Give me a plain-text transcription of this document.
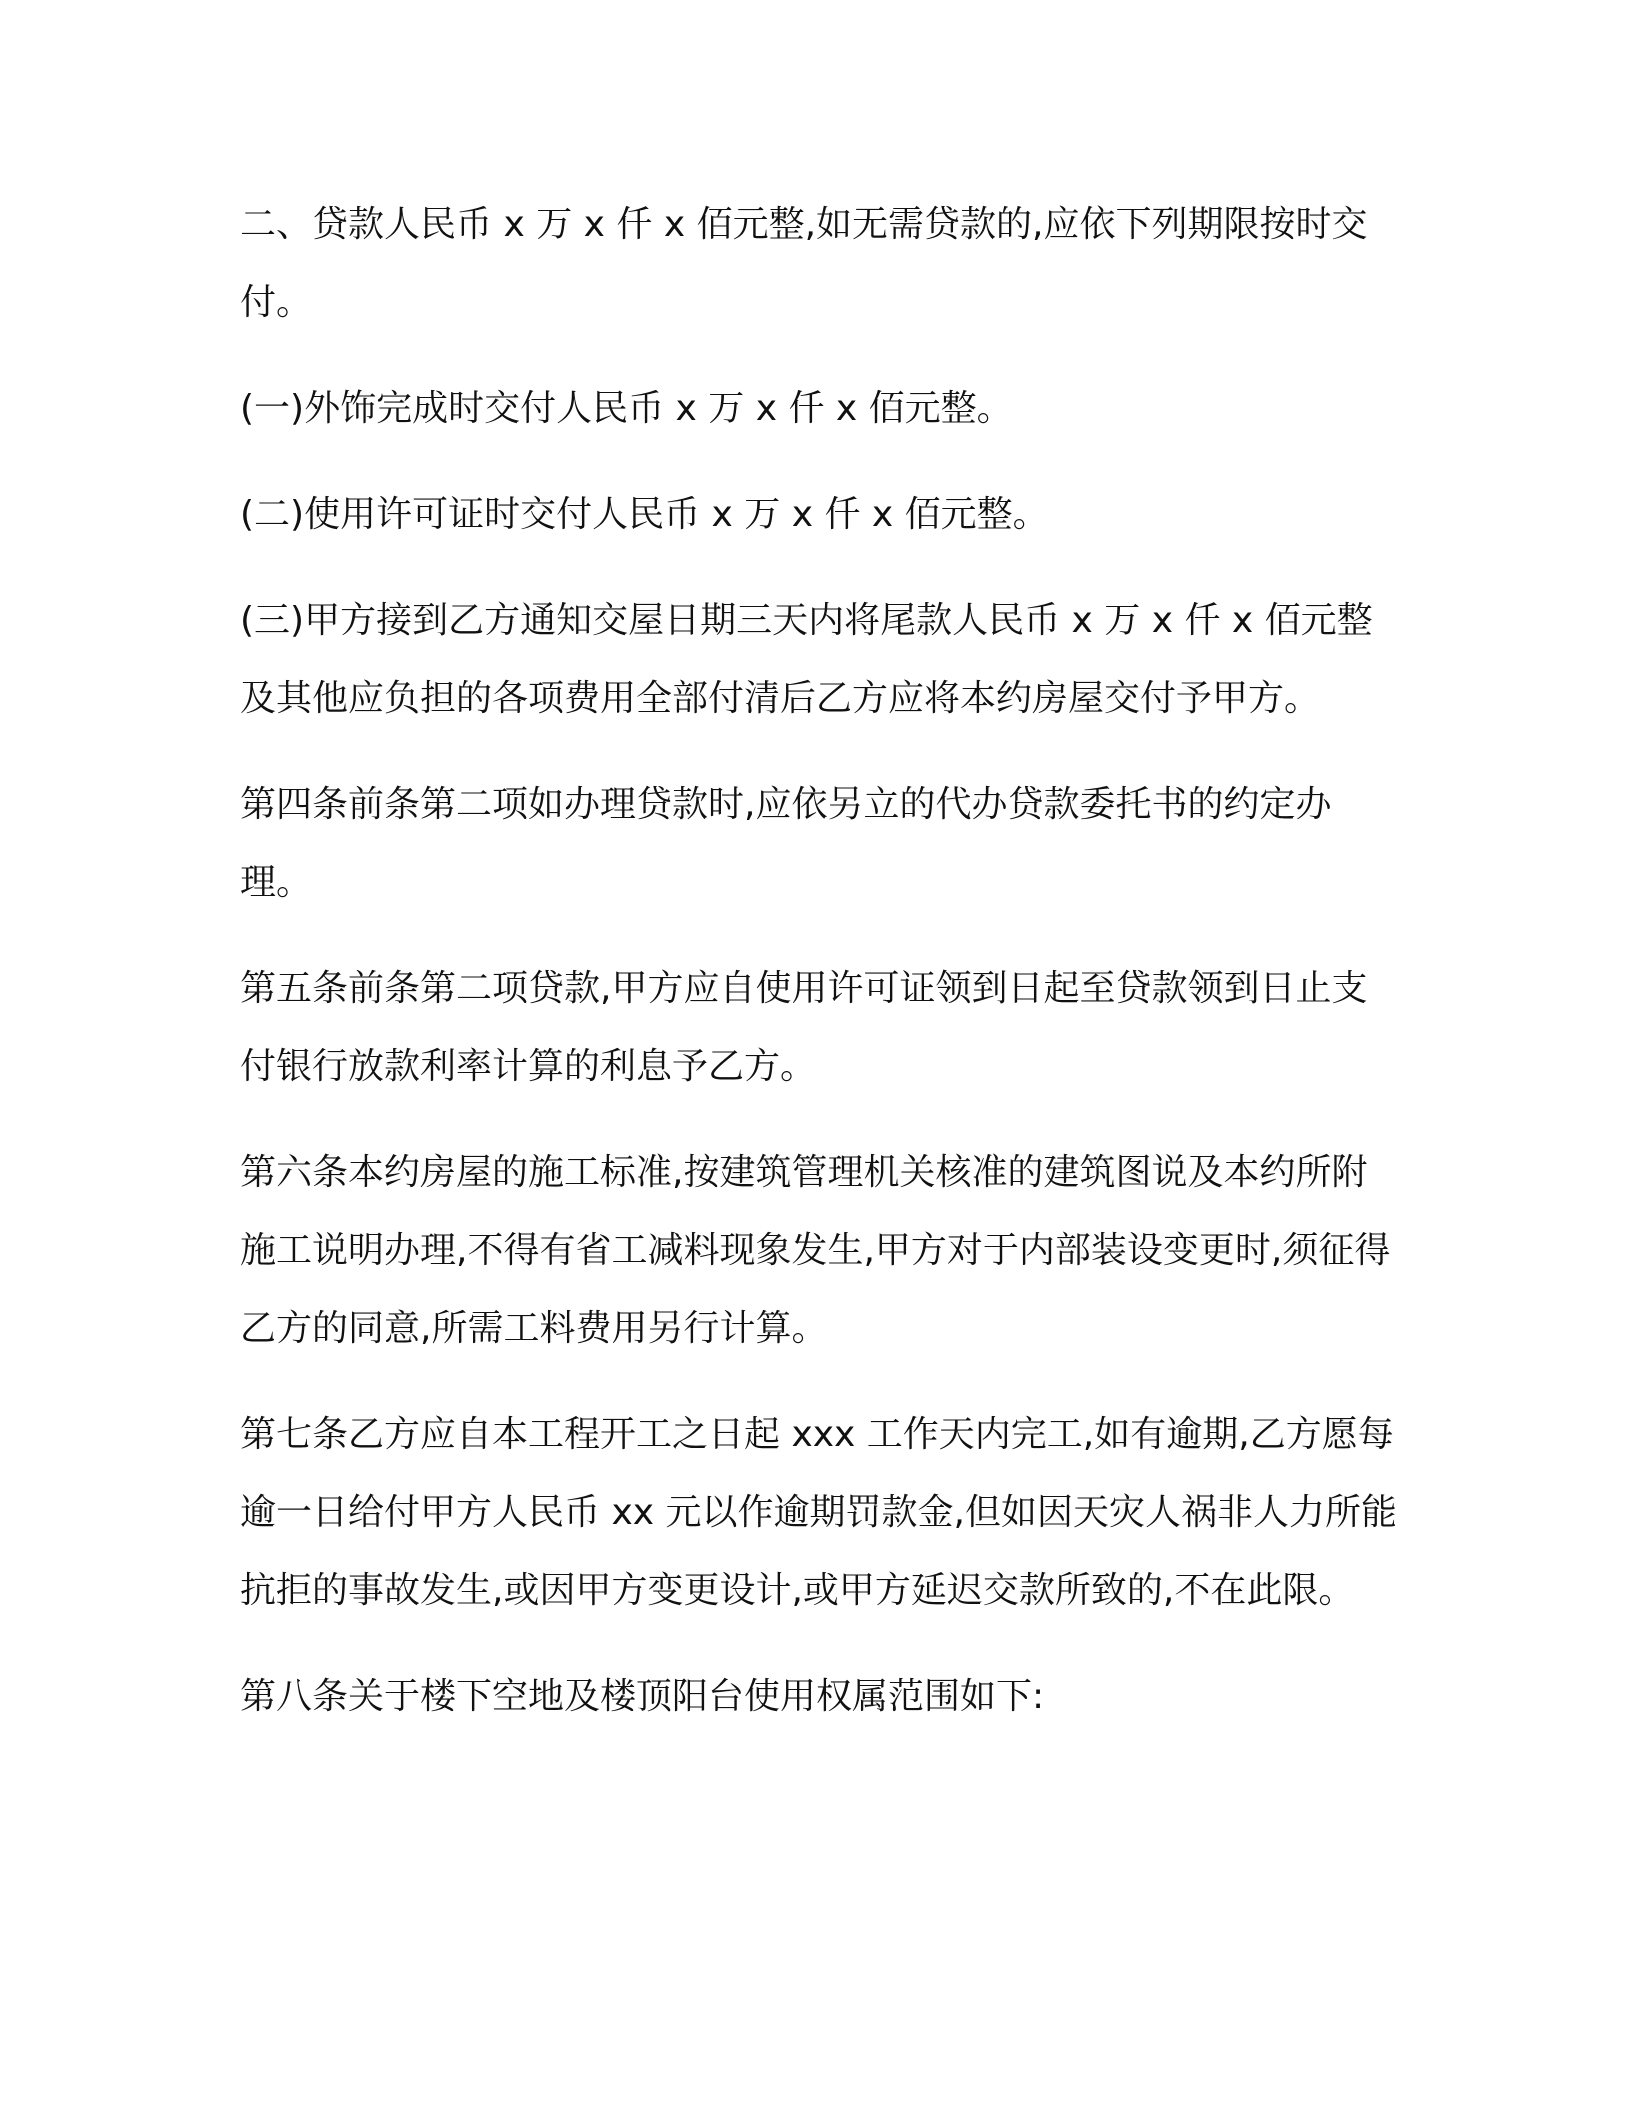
二、贷款人民币 x 万 x 仟 x 佰元整,如无需贷款的,应依下列期限按时交付。

(一)外饰完成时交付人民币 x 万 x 仟 x 佰元整。

(二)使用许可证时交付人民币 x 万 x 仟 x 佰元整。

(三)甲方接到乙方通知交屋日期三天内将尾款人民币 x 万 x 仟 x 佰元整及其他应负担的各项费用全部付清后乙方应将本约房屋交付予甲方。

第四条前条第二项如办理贷款时,应依另立的代办贷款委托书的约定办理。

第五条前条第二项贷款,甲方应自使用许可证领到日起至贷款领到日止支付银行放款利率计算的利息予乙方。

第六条本约房屋的施工标准,按建筑管理机关核准的建筑图说及本约所附施工说明办理,不得有省工减料现象发生,甲方对于内部装设变更时,须征得乙方的同意,所需工料费用另行计算。

第七条乙方应自本工程开工之日起 xxx 工作天内完工,如有逾期,乙方愿每逾一日给付甲方人民币 xx 元以作逾期罚款金,但如因天灾人祸非人力所能抗拒的事故发生,或因甲方变更设计,或甲方延迟交款所致的,不在此限。

第八条关于楼下空地及楼顶阳台使用权属范围如下:
